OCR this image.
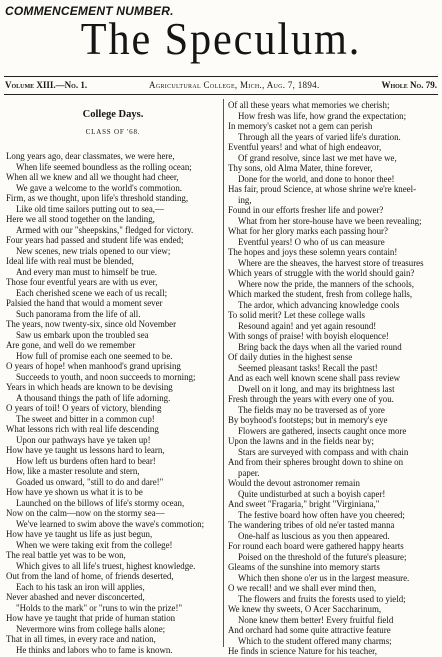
COMMENCEMENT NUMBER.
The Speculum.
Volume XIII.—No. 1.	Agricultural College, Mich., Aug. 7, 1894.	Whole No. 79.
College Days.
CLASS OF '68.
Long years ago, dear classmates, we were here,
When life seemed boundless as the rolling ocean;
When all we knew and all we thought had cheer,
We gave a welcome to the world's commotion.
Firm, as we thought, upon life's threshold standing,
Like old time sailors putting out to sea,—
Here we all stood together on the landing,
Armed with our "sheepskins," fledged for victory.
Four years had passed and student life was ended;
New scenes, new trials opened to our view;
Ideal life with real must be blended,
And every man must to himself be true.
Those four eventful years are with us ever,
Each cherished scene we each of us recall;
Palsied the hand that would a moment sever
Such panorama from the life of all.
The years, now twenty-six, since old November
Saw us embark upon the troubled sea
Are gone, and well do we remember
How full of promise each one seemed to be.
O years of hope! when manhood's grand uprising
Succeeds to youth, and noon succeeds to morning;
Years in which heads are known to be devising
A thousand things the path of life adorning.
O years of toil! O years of victory, blending
The sweet and bitter in a common cup!
What lessons rich with real life descending
Upon our pathways have ye taken up!
How have ye taught us lessons hard to learn,
How left us burdens often hard to bear!
How, like a master resolute and stern,
Goaded us onward, "still to do and dare!"
How have ye shown us what it is to be
Launched on the billows of life's stormy ocean,
Now on the calm—now on the stormy sea—
We've learned to swim above the wave's commotion;
How have ye taught us life as just begun,
When we were taking exit from the college!
The real battle yet was to be won,
Which gives to all life's truest, highest knowledge.
Out from the land of home, of friends deserted,
Each to his task an iron will applies,
Never abashed and never disconcerted,
"Holds to the mark" or "runs to win the prize!"
How have ye taught that pride of human station
Nevermore wins from college halls alone;
That in all times, in every race and nation,
He thinks and labors who to fame is known.
Of all these years what memories we cherish;
How fresh was life, how grand the expectation;
In memory's casket not a gem can perish
Through all the years of varied life's duration.
Eventful years! and what of high endeavor,
Of grand resolve, since last we met have we,
Thy sons, old Alma Mater, thine forever,
Done for the world, and done to honor thee!
Has fair, proud Science, at whose shrine we're kneel-
ing,
Found in our efforts fresher life and power?
What from her store-house have we been revealing;
What for her glory marks each passing hour?
Eventful years! O who of us can measure
The hopes and joys these solemn years contain!
Where are the sheaves, the harvest store of treasures
Which years of struggle with the world should gain?
Where now the pride, the manners of the schools,
Which marked the student, fresh from college halls,
The ardor, which advancing knowledge cools
To solid merit? Let these college walls
Resound again! and yet again resound!
With songs of praise! with boyish eloquence!
Bring back the days when all the varied round
Of daily duties in the highest sense
Seemed pleasant tasks! Recall the past!
And as each well known scene shall pass review
Dwell on it long, and may its brightness last
Fresh through the years with every one of you.
The fields may no be traversed as of yore
By boyhood's footsteps; but in memory's eye
Flowers are gathered, insects caught once more
Upon the lawns and in the fields near by;
Stars are surveyed with compass and with chain
And from their spheres brought down to shine on
paper.
Would the devout astronomer remain
Quite undisturbed at such a boyish caper!
And sweet "Fragaria," bright "Virginiana,"
The festive board how often have you cheered;
The wandering tribes of old ne'er tasted manna
One-half as luscious as you then appeared.
For round each board were gathered happy hearts
Poised on the threshold of the future's pleasure;
Gleams of the sunshine into memory starts
Which then shone o'er us in the largest measure.
O we recall! and we shall ever mind then,
The flowers and fruits the forests used to yield;
We knew thy sweets, O Acer Saccharinum,
None knew them better! Every fruitful field
And orchard had some quite attractive feature
Which to the student offered many charms;
He finds in science Nature for his teacher,
